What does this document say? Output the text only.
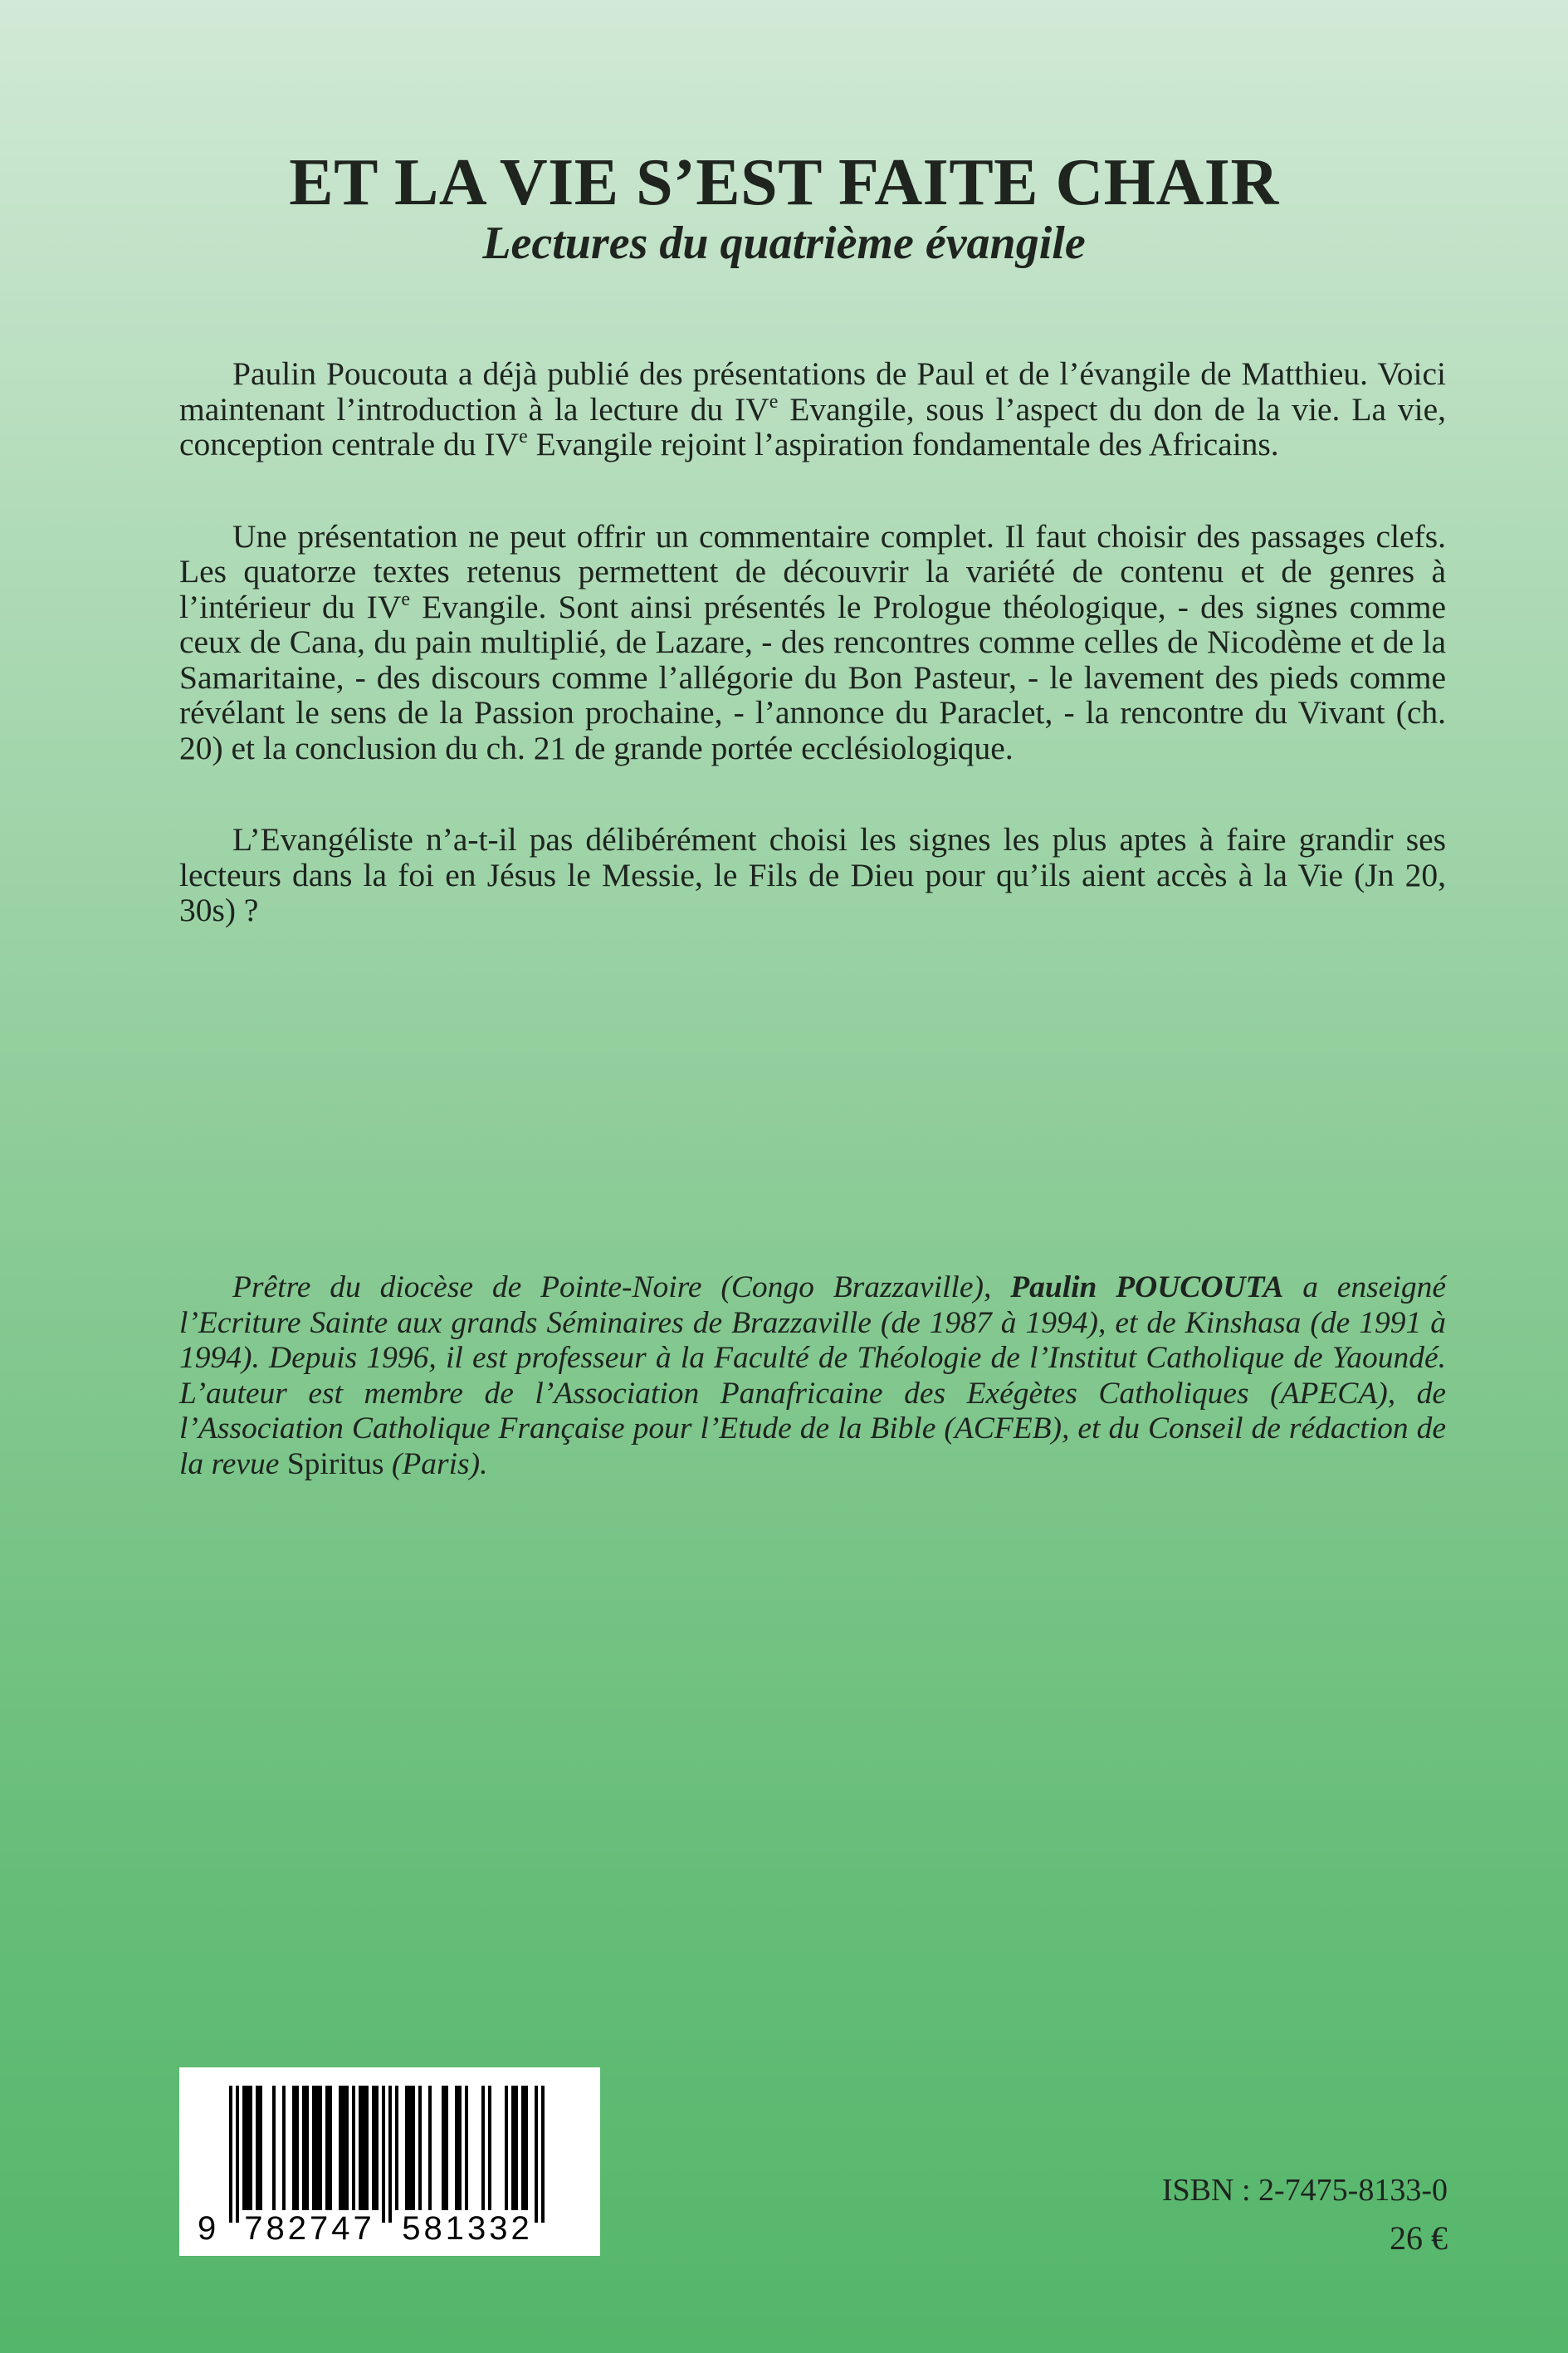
ET LA VIE S’EST FAITE CHAIR
Lectures du quatrième évangile

Paulin Poucouta a déjà publié des présentations de Paul et de l’évangile de Matthieu. Voici maintenant l’introduction à la lecture du IVe Evangile, sous l’aspect du don de la vie. La vie, conception centrale du IVe Evangile rejoint l’aspiration fondamentale des Africains.

Une présentation ne peut offrir un commentaire complet. Il faut choisir des passages clefs. Les quatorze textes retenus permettent de découvrir la variété de contenu et de genres à l’intérieur du IVe Evangile. Sont ainsi présentés le Prologue théologique, - des signes comme ceux de Cana, du pain multiplié, de Lazare, - des rencontres comme celles de Nicodème et de la Samaritaine, - des discours comme l’allégorie du Bon Pasteur, - le lavement des pieds comme révélant le sens de la Passion prochaine, - l’annonce du Paraclet, - la rencontre du Vivant (ch. 20) et la conclusion du ch. 21 de grande portée ecclésiologique.

L’Evangéliste n’a-t-il pas délibérément choisi les signes les plus aptes à faire grandir ses lecteurs dans la foi en Jésus le Messie, le Fils de Dieu pour qu’ils aient accès à la Vie (Jn 20, 30s) ?

Prêtre du diocèse de Pointe-Noire (Congo Brazzaville), Paulin POUCOUTA a enseigné l’Ecriture Sainte aux grands Séminaires de Brazzaville (de 1987 à 1994), et de Kinshasa (de 1991 à 1994). Depuis 1996, il est professeur à la Faculté de Théologie de l’Institut Catholique de Yaoundé. L’auteur est membre de l’Association Panafricaine des Exégètes Catholiques (APECA), de l’Association Catholique Française pour l’Etude de la Bible (ACFEB), et du Conseil de rédaction de la revue Spiritus (Paris).

9 782747 581332
ISBN : 2-7475-8133-0
26 €
